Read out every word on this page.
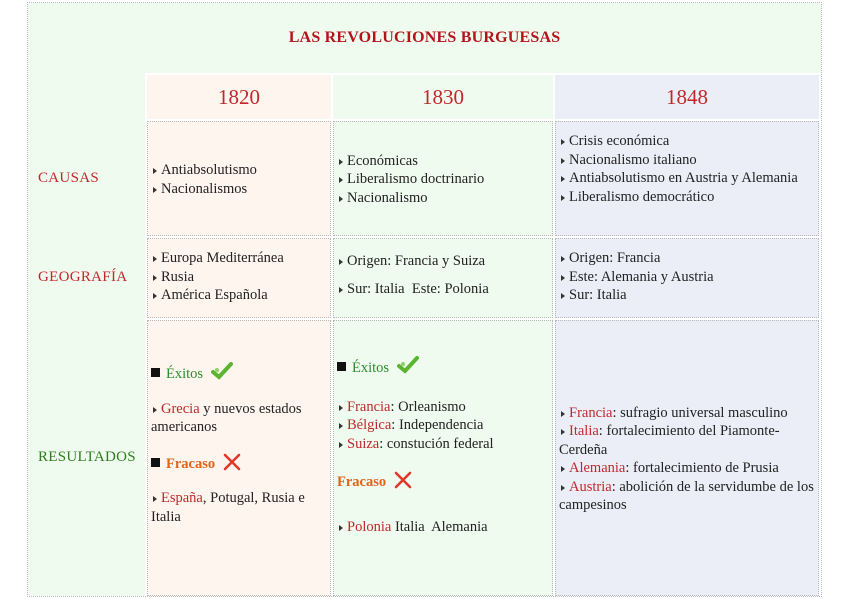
LAS REVOLUCIONES BURGUESAS
1820	1830	1848
CAUSAS
GEOGRAFÍA
RESULTADOS
Antiabsolutismo
Nacionalismos
Económicas
Liberalismo doctrinario
Nacionalismo
Crisis económica
Nacionalismo italiano
Antiabsolutismo en Austria y Alemania
Liberalismo democrático
Europa Mediterránea
Rusia
América Española
Origen: Francia y Suiza
Sur: Italia  Este: Polonia
Origen: Francia
Este: Alemania y Austria
Sur: Italia
Éxitos
Grecia y nuevos estados americanos
Fracaso
España, Potugal, Rusia e Italia
Éxitos
Francia: Orleanismo
Bélgica: Independencia
Suiza: constución federal
Fracaso
Polonia Italia  Alemania
Francia: sufragio universal masculino
Italia: fortalecimiento del Piamonte-Cerdeña
Alemania: fortalecimiento de Prusia
Austria: abolición de la servidumbe de los campesinos
